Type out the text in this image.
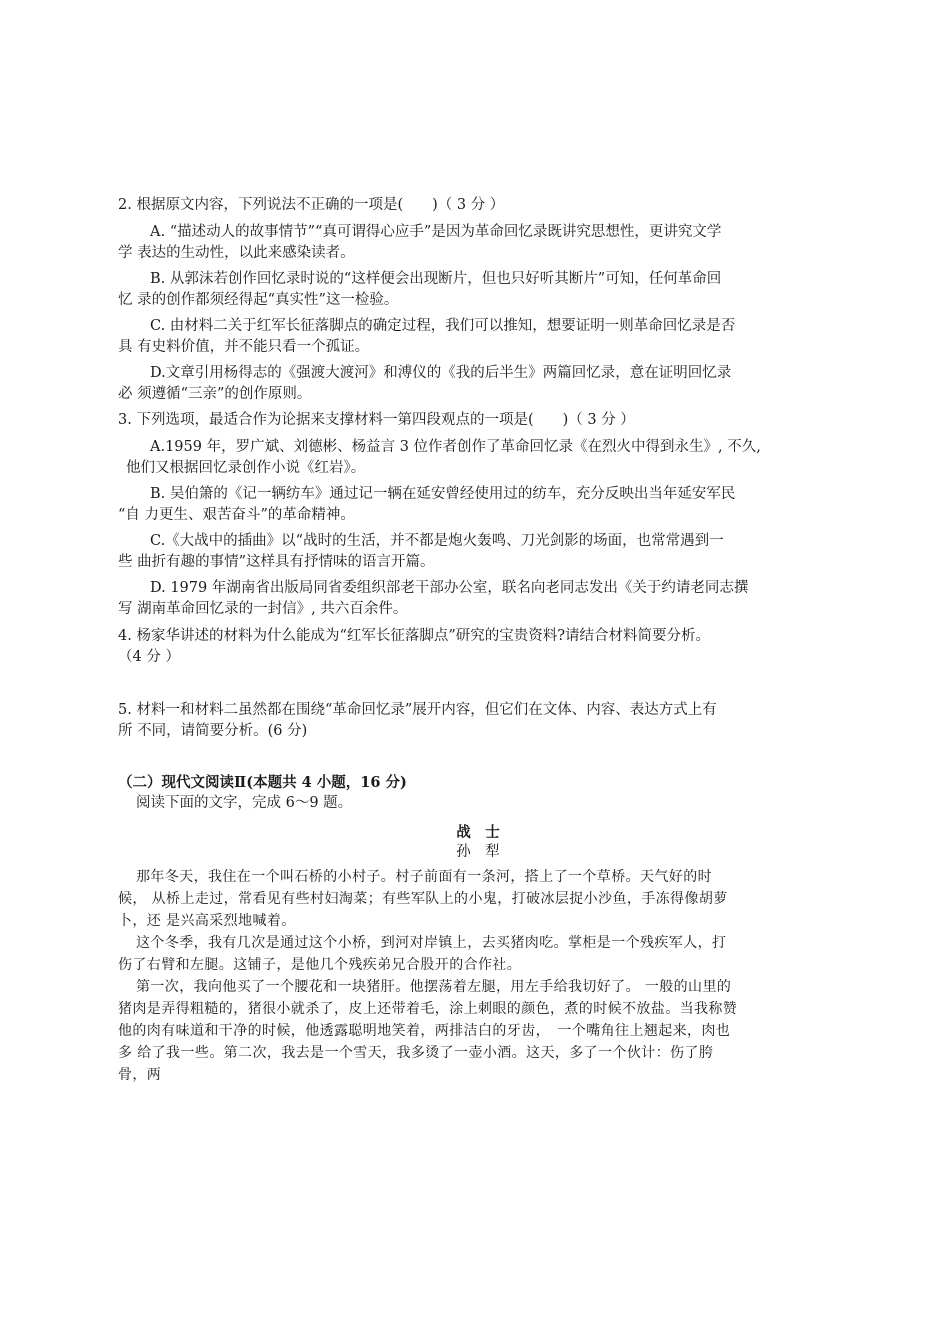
2. 根据原文内容，下列说法不正确的一项是(　　)（ 3 分 ）
A. “描述动人的故事情节”“真可谓得心应手”是因为革命回忆录既讲究思想性，更讲究文学
学 表达的生动性，以此来感染读者。
B. 从郭沫若创作回忆录时说的“这样便会出现断片，但也只好听其断片”可知，任何革命回
忆 录的创作都须经得起“真实性”这一检验。
C. 由材料二关于红军长征落脚点的确定过程，我们可以推知，想要证明一则革命回忆录是否
具 有史料价值，并不能只看一个孤证。
D.文章引用杨得志的《强渡大渡河》和溥仪的《我的后半生》两篇回忆录，意在证明回忆录
必 须遵循“三亲”的创作原则。
3. 下列选项，最适合作为论据来支撑材料一第四段观点的一项是(　　)（ 3 分 ）
A.1959 年，罗广斌、刘德彬、杨益言 3 位作者创作了革命回忆录《在烈火中得到永生》, 不久,
他们又根据回忆录创作小说《红岩》。
B. 吴伯箫的《记一辆纺车》通过记一辆在延安曾经使用过的纺车，充分反映出当年延安军民
“自 力更生、艰苦奋斗”的革命精神。
C.《大战中的插曲》以“战时的生活，并不都是炮火轰鸣、刀光剑影的场面，也常常遇到一
些 曲折有趣的事情”这样具有抒情味的语言开篇。
D. 1979 年湖南省出版局同省委组织部老干部办公室，联名向老同志发出《关于约请老同志撰
写 湖南革命回忆录的一封信》, 共六百余件。
4. 杨家华讲述的材料为什么能成为“红军长征落脚点”研究的宝贵资料?请结合材料简要分析。
（4 分 ）
5. 材料一和材料二虽然都在围绕“革命回忆录”展开内容，但它们在文体、内容、表达方式上有
所 不同，请简要分析。(6 分)
（二）现代文阅读Ⅱ(本题共 4 小题，16 分)
阅读下面的文字，完成 6～9 题。
战　士
孙　犁
那年冬天，我住在一个叫石桥的小村子。村子前面有一条河，搭上了一个草桥。天气好的时
候， 从桥上走过，常看见有些村妇淘菜；有些军队上的小鬼，打破冰层捉小沙鱼，手冻得像胡萝
卜，还 是兴高采烈地喊着。
这个冬季，我有几次是通过这个小桥，到河对岸镇上，去买猪肉吃。掌柜是一个残疾军人，打
伤了右臂和左腿。这铺子，是他几个残疾弟兄合股开的合作社。
第一次，我向他买了一个腰花和一块猪肝。他摆荡着左腿，用左手给我切好了。 一般的山里的
猪肉是弄得粗糙的，猪很小就杀了，皮上还带着毛，涂上刺眼的颜色，煮的时候不放盐。当我称赞
他的肉有味道和干净的时候，他透露聪明地笑着，两排洁白的牙齿，　一个嘴角往上翘起来，肉也
多 给了我一些。第二次，我去是一个雪天，我多烫了一壶小酒。这天，多了一个伙计：伤了胯
骨，两
